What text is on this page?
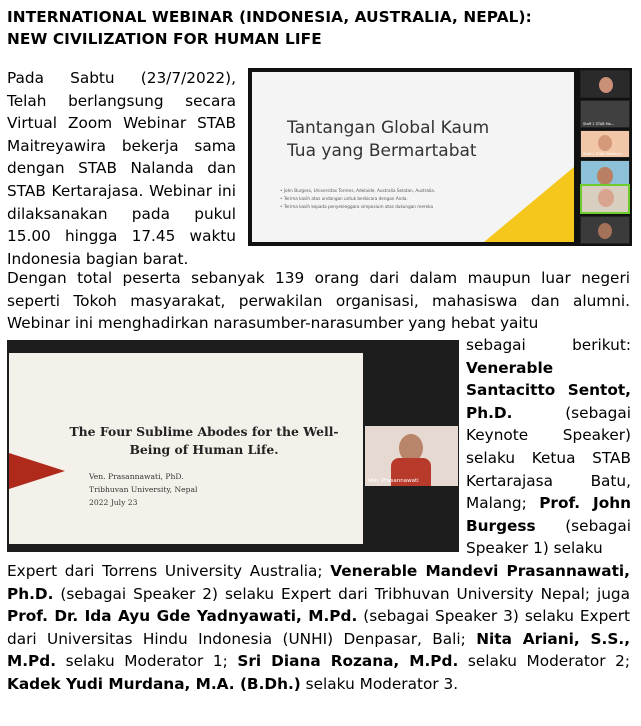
INTERNATIONAL WEBINAR (INDONESIA, AUSTRALIA, NEPAL):
NEW CIVILIZATION FOR HUMAN LIFE
Pada Sabtu (23/7/2022), Telah berlangsung secara Virtual Zoom Webinar STAB Maitreyawira bekerja sama dengan STAB Nalanda dan STAB Kertarajasa. Webinar ini dilaksanakan pada pukul 15.00 hingga 17.45 waktu Indonesia bagian barat.
Tantangan Global Kaum Tua yang Bermartabat
• John Burgess, Universitas Torrens, Adelaide, Australia Selatan, Australia.
• Terima kasih atas undangan untuk berbicara dengan Anda.
• Terima kasih kepada penyelenggara simposium atas dukungan mereka
Staff 1 STAB Ma...
Staff 1 STAB Maitreya...
Dengan total peserta sebanyak 139 orang dari dalam maupun luar negeri seperti Tokoh masyarakat, perwakilan organisasi, mahasiswa dan alumni. Webinar ini menghadirkan narasumber-narasumber yang hebat yaitu
The Four Sublime Abodes for the Well-Being of Human Life.
Ven. Prasannawati, PhD.
Tribhuvan University, Nepal
2022 July 23
Ven. Prasannawati
sebagai berikut: Venerable Santacitto Sentot, Ph.D.	(sebagai Keynote Speaker) selaku Ketua STAB Kertarajasa Batu, Malang; Prof. John Burgess (sebagai Speaker 1) selaku
Expert dari Torrens University Australia; Venerable Mandevi Prasannawati, Ph.D. (sebagai Speaker 2) selaku Expert dari Tribhuvan University Nepal; juga Prof. Dr. Ida Ayu Gde Yadnyawati, M.Pd. (sebagai Speaker 3) selaku Expert dari Universitas Hindu Indonesia (UNHI) Denpasar, Bali; Nita Ariani, S.S., M.Pd. selaku Moderator 1; Sri Diana Rozana, M.Pd. selaku Moderator 2; Kadek Yudi Murdana, M.A. (B.Dh.) selaku Moderator 3.
